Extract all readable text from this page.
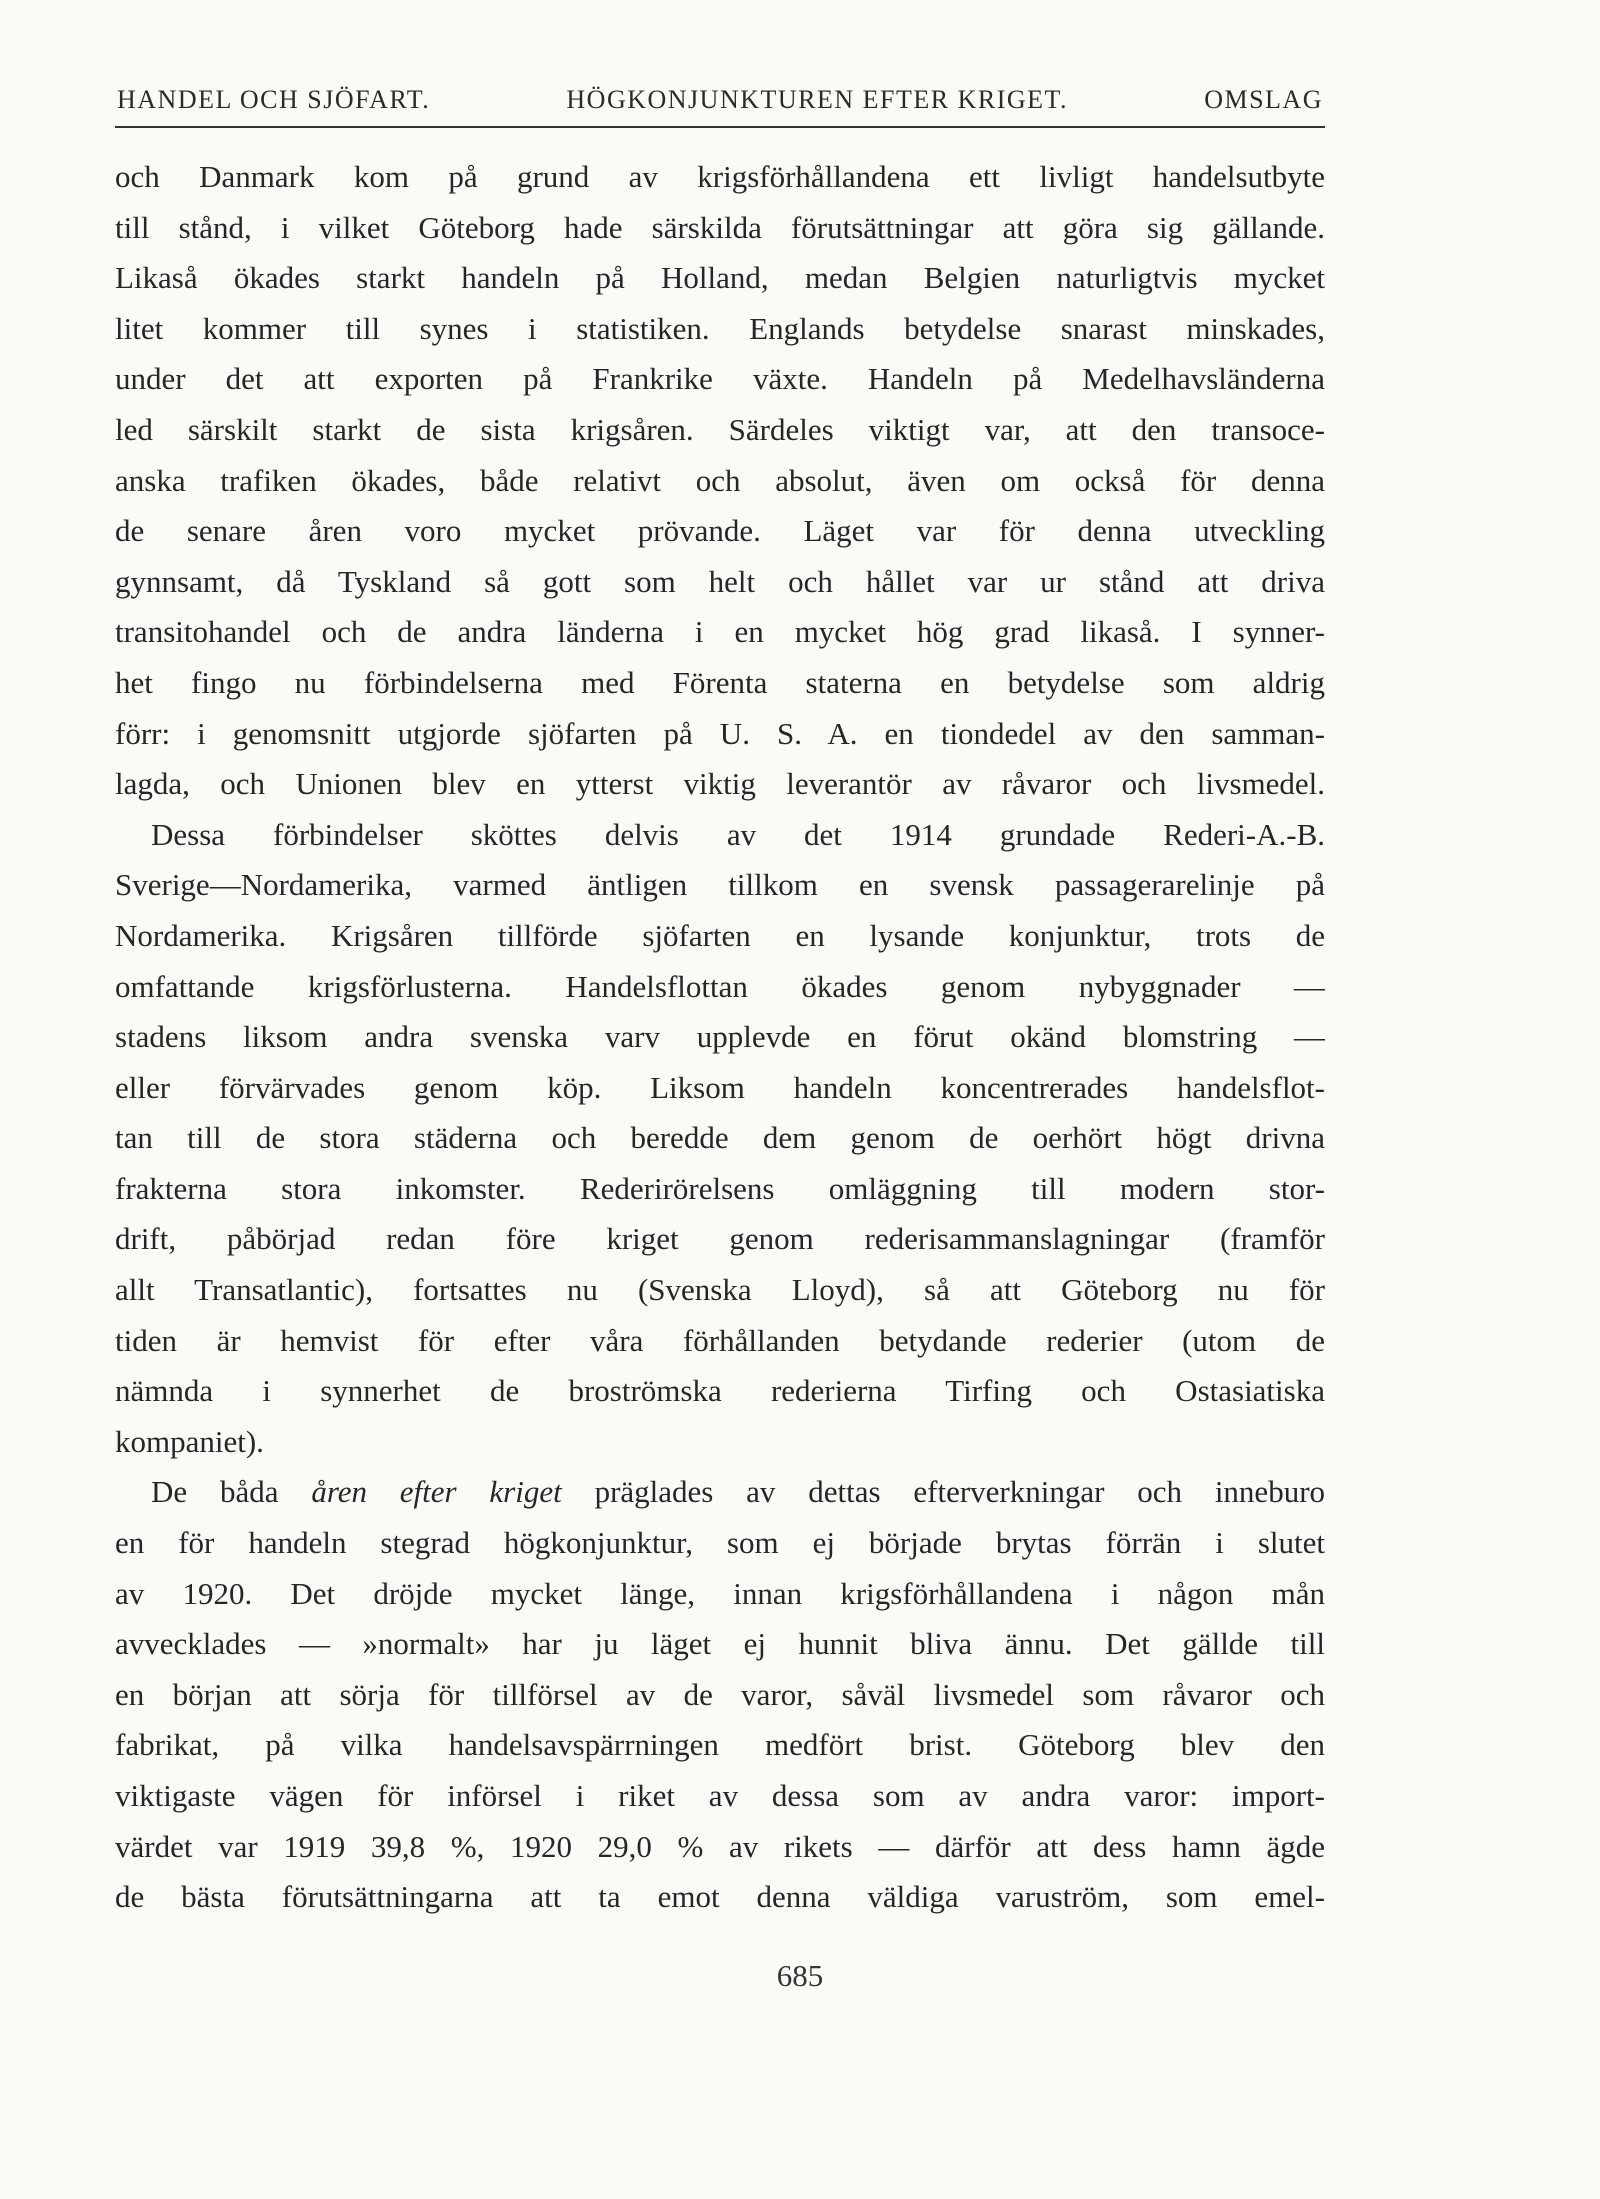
HANDEL OCH SJÖFART.	HÖGKONJUNKTUREN EFTER KRIGET.	OMSLAG
och Danmark kom på grund av krigsförhållandena ett livligt handelsutbyte
till stånd, i vilket Göteborg hade särskilda förutsättningar att göra sig gällande.
Likaså ökades starkt handeln på Holland, medan Belgien naturligtvis mycket
litet kommer till synes i statistiken. Englands betydelse snarast minskades,
under det att exporten på Frankrike växte. Handeln på Medelhavsländerna
led särskilt starkt de sista krigsåren. Särdeles viktigt var, att den transoce-
anska trafiken ökades, både relativt och absolut, även om också för denna
de senare åren voro mycket prövande. Läget var för denna utveckling
gynnsamt, då Tyskland så gott som helt och hållet var ur stånd att driva
transitohandel och de andra länderna i en mycket hög grad likaså. I synner-
het fingo nu förbindelserna med Förenta staterna en betydelse som aldrig
förr: i genomsnitt utgjorde sjöfarten på U. S. A. en tiondedel av den samman-
lagda, och Unionen blev en ytterst viktig leverantör av råvaror och livsmedel.
Dessa förbindelser sköttes delvis av det 1914 grundade Rederi-A.-B.
Sverige—Nordamerika, varmed äntligen tillkom en svensk passagerarelinje på
Nordamerika. Krigsåren tillförde sjöfarten en lysande konjunktur, trots de
omfattande krigsförlusterna. Handelsflottan ökades genom nybyggnader —
stadens liksom andra svenska varv upplevde en förut okänd blomstring —
eller förvärvades genom köp. Liksom handeln koncentrerades handelsflot-
tan till de stora städerna och beredde dem genom de oerhört högt drivna
frakterna stora inkomster. Rederirörelsens omläggning till modern stor-
drift, påbörjad redan före kriget genom rederisammanslagningar (framför
allt Transatlantic), fortsattes nu (Svenska Lloyd), så att Göteborg nu för
tiden är hemvist för efter våra förhållanden betydande rederier (utom de
nämnda i synnerhet de broströmska rederierna Tirfing och Ostasiatiska
kompaniet).
De båda åren efter kriget präglades av dettas efterverkningar och inneburo
en för handeln stegrad högkonjunktur, som ej började brytas förrän i slutet
av 1920. Det dröjde mycket länge, innan krigsförhållandena i någon mån
avvecklades — »normalt» har ju läget ej hunnit bliva ännu. Det gällde till
en början att sörja för tillförsel av de varor, såväl livsmedel som råvaror och
fabrikat, på vilka handelsavspärrningen medfört brist. Göteborg blev den
viktigaste vägen för införsel i riket av dessa som av andra varor: import-
värdet var 1919 39,8 %, 1920 29,0 % av rikets — därför att dess hamn ägde
de bästa förutsättningarna att ta emot denna väldiga varuström, som emel-
685
